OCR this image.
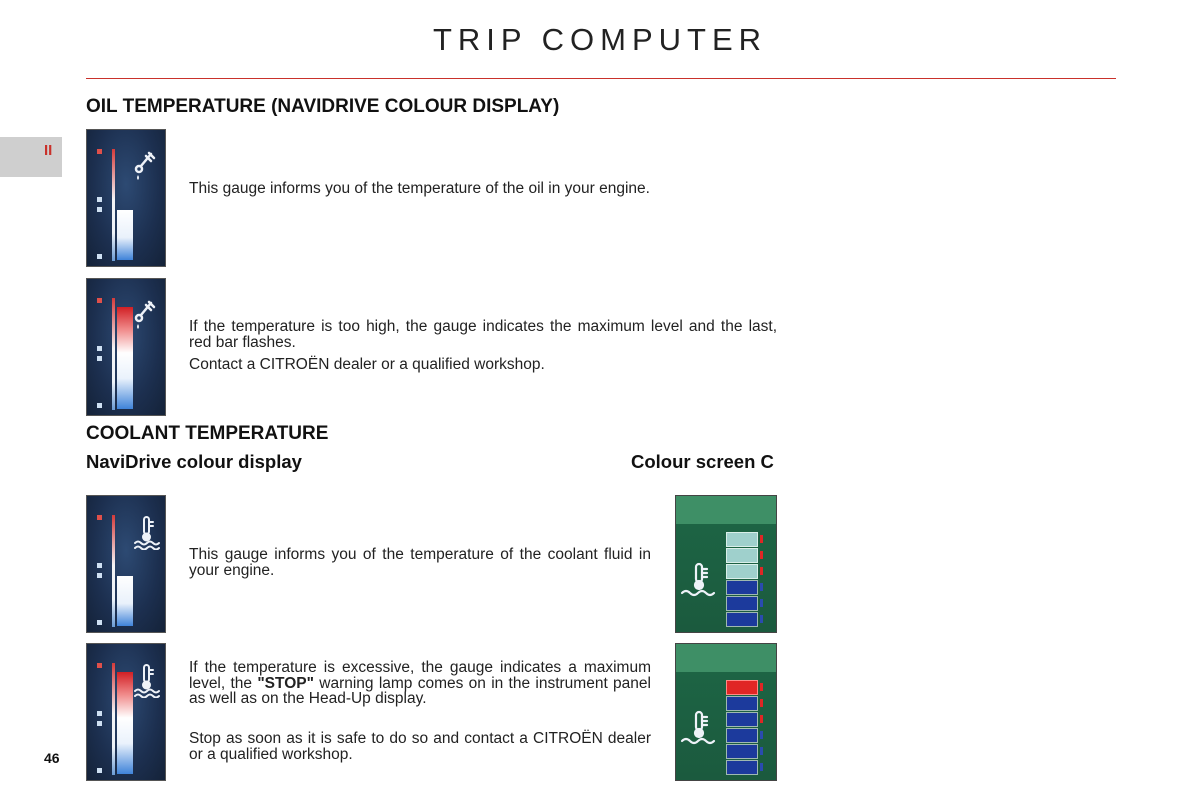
TRIP COMPUTER
II
46
OIL TEMPERATURE (NAVIDRIVE COLOUR DISPLAY)

This gauge informs you of the temperature of the oil in your engine.

If the temperature is too high, the gauge indicates the maximum level and the last, red bar flashes.

Contact a CITROËN dealer or a qualified workshop.

COOLANT TEMPERATURE
NaviDrive colour display	Colour screen C

This gauge informs you of the temperature of the coolant fluid in your engine.

If the temperature is excessive, the gauge indicates a maximum level, the "STOP" warning lamp comes on in the instrument panel as well as on the Head-Up display.

Stop as soon as it is safe to do so and contact a CITROËN dealer or a qualified workshop.
